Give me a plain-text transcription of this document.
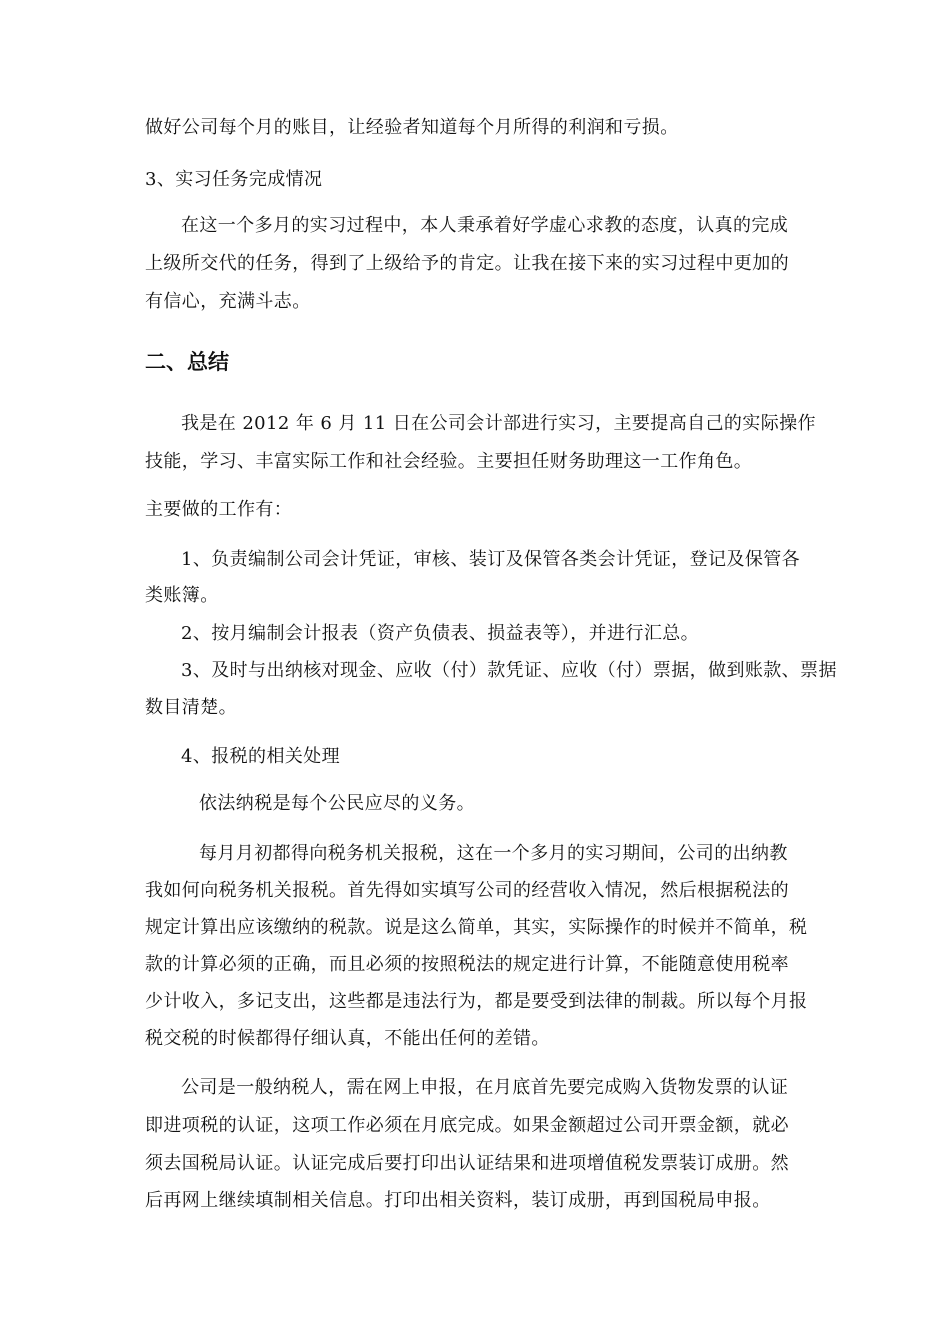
做好公司每个月的账目，让经验者知道每个月所得的利润和亏损。
3、实习任务完成情况
在这一个多月的实习过程中，本人秉承着好学虚心求教的态度，认真的完成
上级所交代的任务，得到了上级给予的肯定。让我在接下来的实习过程中更加的
有信心，充满斗志。
二、总结
我是在 2012 年 6 月 11 日在公司会计部进行实习，主要提高自己的实际操作
技能，学习、丰富实际工作和社会经验。主要担任财务助理这一工作角色。
主要做的工作有：
1、负责编制公司会计凭证，审核、装订及保管各类会计凭证，登记及保管各
类账簿。
2、按月编制会计报表（资产负债表、损益表等），并进行汇总。
3、及时与出纳核对现金、应收（付）款凭证、应收（付）票据，做到账款、票据
数目清楚。
4、报税的相关处理
依法纳税是每个公民应尽的义务。
每月月初都得向税务机关报税，这在一个多月的实习期间，公司的出纳教
我如何向税务机关报税。首先得如实填写公司的经营收入情况，然后根据税法的
规定计算出应该缴纳的税款。说是这么简单，其实，实际操作的时候并不简单，税
款的计算必须的正确，而且必须的按照税法的规定进行计算，不能随意使用税率
少计收入，多记支出，这些都是违法行为，都是要受到法律的制裁。所以每个月报
税交税的时候都得仔细认真，不能出任何的差错。
公司是一般纳税人，需在网上申报，在月底首先要完成购入货物发票的认证
即进项税的认证，这项工作必须在月底完成。如果金额超过公司开票金额，就必
须去国税局认证。认证完成后要打印出认证结果和进项增值税发票装订成册。然
后再网上继续填制相关信息。打印出相关资料，装订成册，再到国税局申报。
